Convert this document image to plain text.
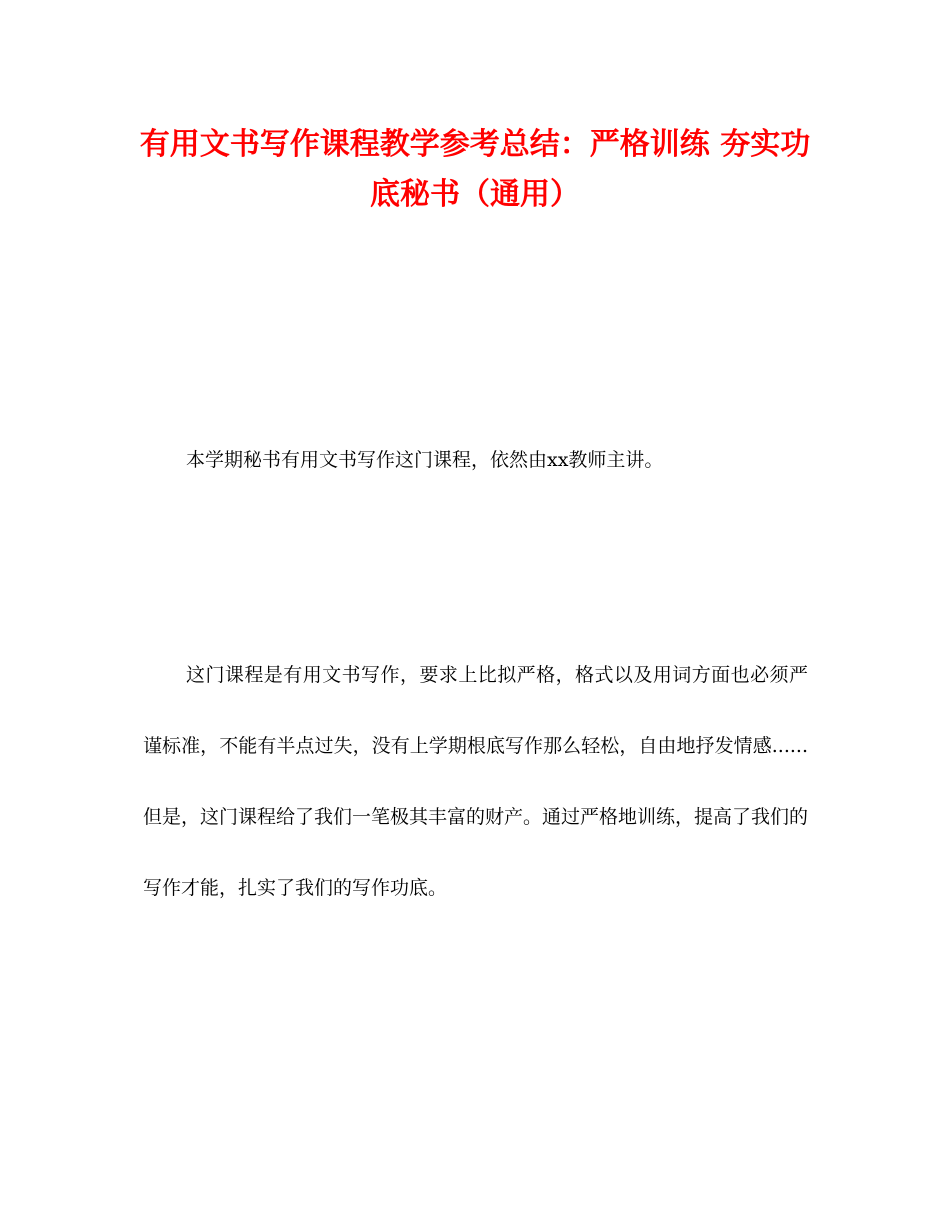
有用文书写作课程教学参考总结：严格训练 夯实功底秘书（通用）

本学期秘书有用文书写作这门课程，依然由xx教师主讲。

这门课程是有用文书写作，要求上比拟严格，格式以及用词方面也必须严谨标准，不能有半点过失，没有上学期根底写作那么轻松，自由地抒发情感......但是，这门课程给了我们一笔极其丰富的财产。通过严格地训练，提高了我们的写作才能，扎实了我们的写作功底。
